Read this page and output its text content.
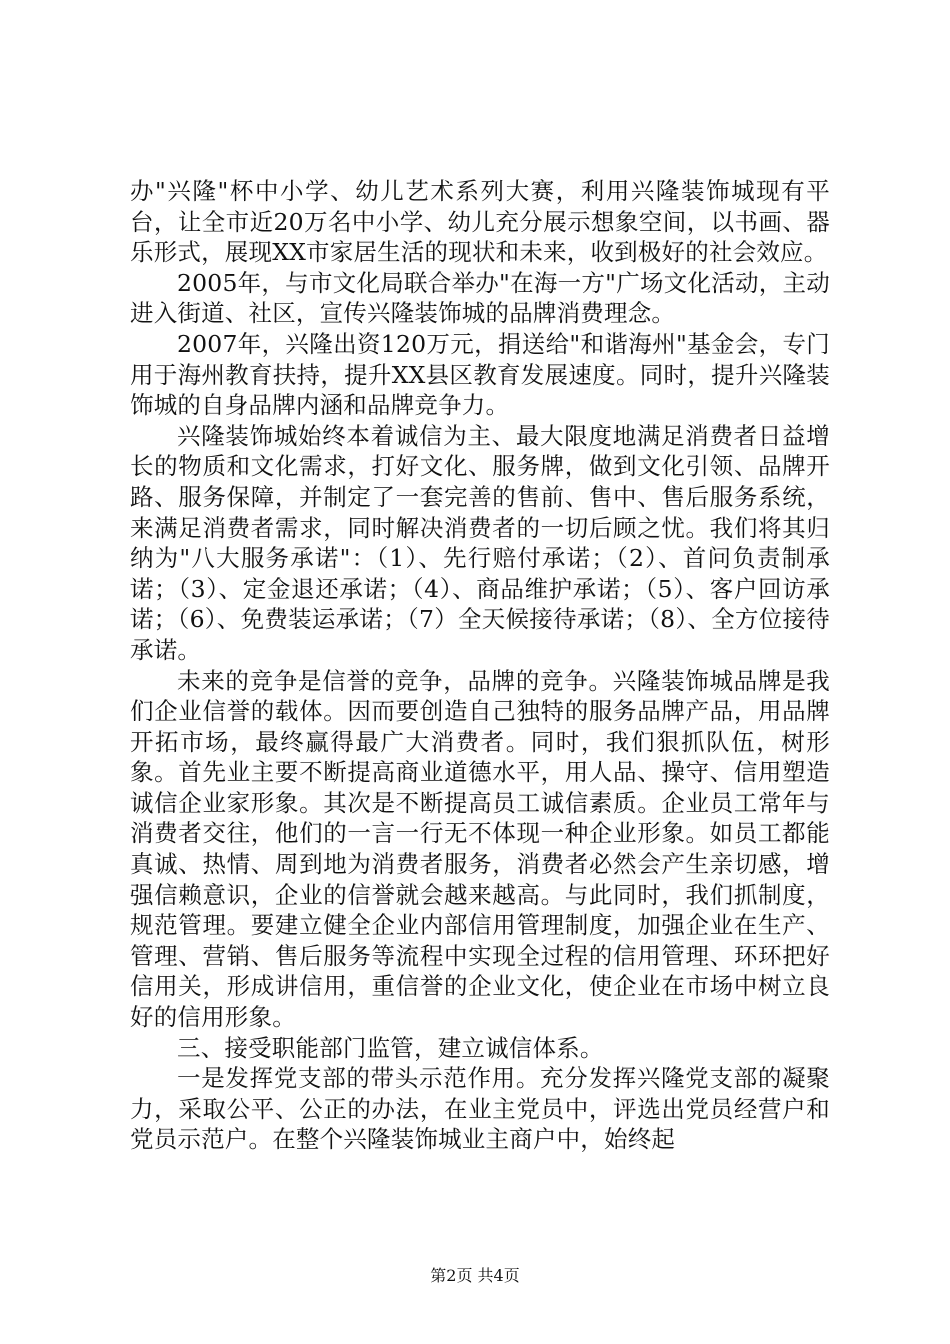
办"兴隆"杯中小学、幼儿艺术系列大赛，利用兴隆装饰城现有平台，让全市近20万名中小学、幼儿充分展示想象空间，以书画、器乐形式，展现XX市家居生活的现状和未来，收到极好的社会效应。

2005年，与市文化局联合举办"在海一方"广场文化活动，主动进入街道、社区，宣传兴隆装饰城的品牌消费理念。

2007年，兴隆出资120万元，捐送给"和谐海州"基金会，专门用于海州教育扶持，提升XX县区教育发展速度。同时，提升兴隆装饰城的自身品牌内涵和品牌竞争力。

兴隆装饰城始终本着诚信为主、最大限度地满足消费者日益增长的物质和文化需求，打好文化、服务牌，做到文化引领、品牌开路、服务保障，并制定了一套完善的售前、售中、售后服务系统，来满足消费者需求，同时解决消费者的一切后顾之忧。我们将其归纳为"八大服务承诺"：（1）、先行赔付承诺；（2）、首问负责制承诺；（3）、定金退还承诺；（4）、商品维护承诺；（5）、客户回访承诺；（6）、免费装运承诺；（7）全天候接待承诺；（8）、全方位接待承诺。

未来的竞争是信誉的竞争，品牌的竞争。兴隆装饰城品牌是我们企业信誉的载体。因而要创造自己独特的服务品牌产品，用品牌开拓市场，最终赢得最广大消费者。同时，我们狠抓队伍，树形象。首先业主要不断提高商业道德水平，用人品、操守、信用塑造诚信企业家形象。其次是不断提高员工诚信素质。企业员工常年与消费者交往，他们的一言一行无不体现一种企业形象。如员工都能真诚、热情、周到地为消费者服务，消费者必然会产生亲切感，增强信赖意识，企业的信誉就会越来越高。与此同时，我们抓制度，规范管理。要建立健全企业内部信用管理制度，加强企业在生产、管理、营销、售后服务等流程中实现全过程的信用管理、环环把好信用关，形成讲信用，重信誉的企业文化，使企业在市场中树立良好的信用形象。

三、接受职能部门监管，建立诚信体系。

一是发挥党支部的带头示范作用。充分发挥兴隆党支部的凝聚力，采取公平、公正的办法，在业主党员中，评选出党员经营户和党员示范户。在整个兴隆装饰城业主商户中，始终起

第2页 共4页
